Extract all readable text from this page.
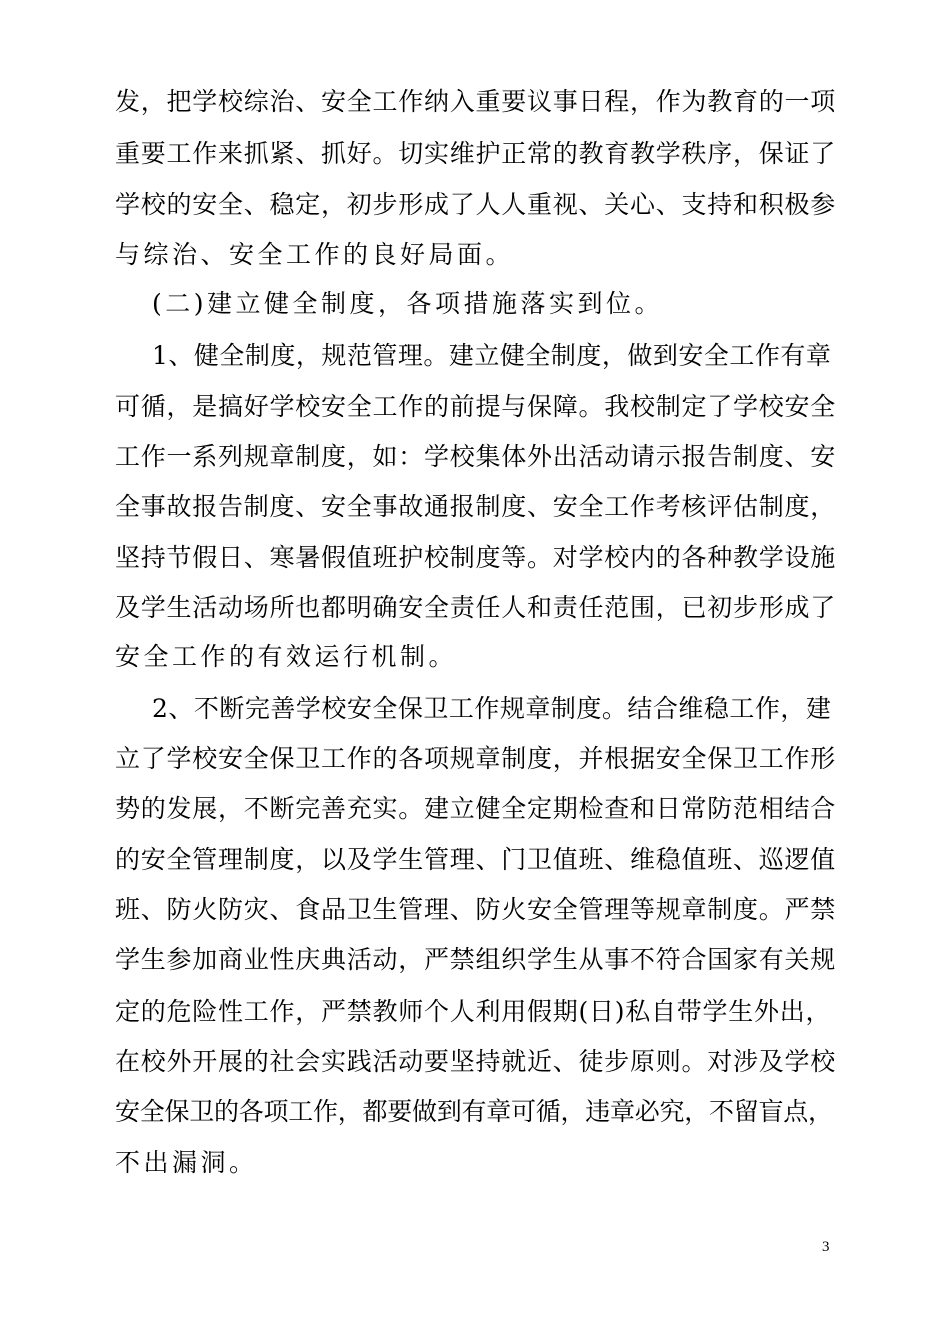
发，把学校综治、安全工作纳入重要议事日程，作为教育的一项
重要工作来抓紧、抓好。切实维护正常的教育教学秩序，保证了
学校的安全、稳定，初步形成了人人重视、关心、支持和积极参
与综治、安全工作的良好局面。
(二)建立健全制度，各项措施落实到位。
1、健全制度，规范管理。建立健全制度，做到安全工作有章
可循，是搞好学校安全工作的前提与保障。我校制定了学校安全
工作一系列规章制度，如：学校集体外出活动请示报告制度、安
全事故报告制度、安全事故通报制度、安全工作考核评估制度，
坚持节假日、寒暑假值班护校制度等。对学校内的各种教学设施
及学生活动场所也都明确安全责任人和责任范围，已初步形成了
安全工作的有效运行机制。
2、不断完善学校安全保卫工作规章制度。结合维稳工作，建
立了学校安全保卫工作的各项规章制度，并根据安全保卫工作形
势的发展，不断完善充实。建立健全定期检查和日常防范相结合
的安全管理制度，以及学生管理、门卫值班、维稳值班、巡逻值
班、防火防灾、食品卫生管理、防火安全管理等规章制度。严禁
学生参加商业性庆典活动，严禁组织学生从事不符合国家有关规
定的危险性工作，严禁教师个人利用假期(日)私自带学生外出，
在校外开展的社会实践活动要坚持就近、徒步原则。对涉及学校
安全保卫的各项工作，都要做到有章可循，违章必究，不留盲点，
不出漏洞。
3
